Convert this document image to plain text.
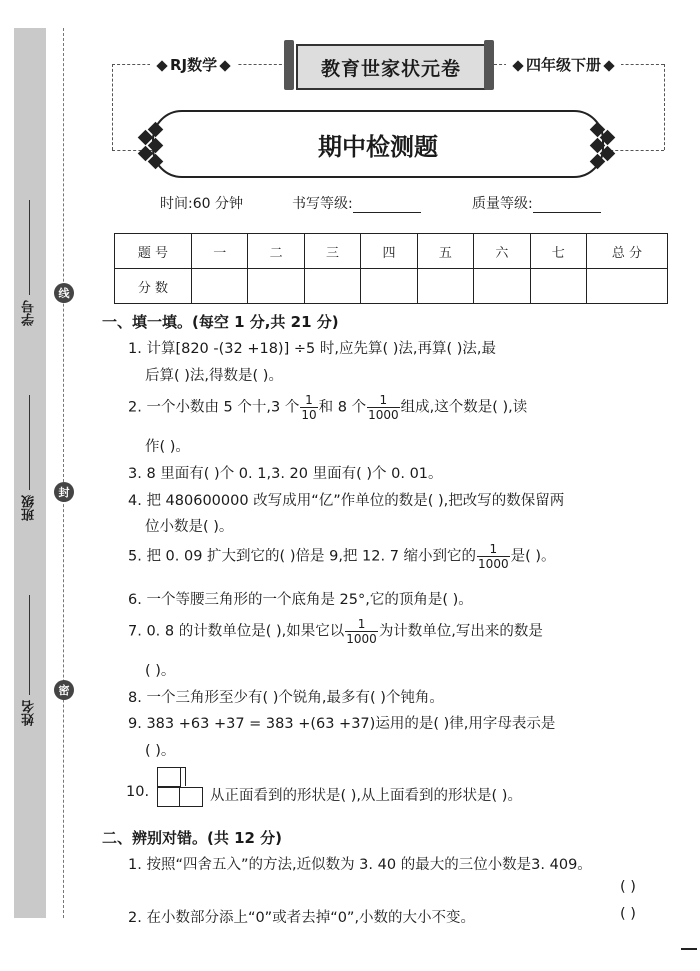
学号
班级
姓名
线
封
密
RJ数学	四年级下册
教育世家状元卷
期中检测题
时间:60 分钟	书写等级:	质量等级:
题 号	一	二	三	四	五	六	七	总 分
分 数								
一、填一填。(每空 1 分,共 21 分)
1. 计算[820 -(32 +18)] ÷5 时,应先算( )法,再算( )法,最
后算( )法,得数是( )。
2. 一个小数由 5 个十,3 个 $\frac{1}{10}$ 和 8 个 $\frac{1}{1000}$ 组成,这个数是( ),读
作( )。
3. 8 里面有( )个 0. 1,3. 20 里面有( )个 0. 01。
4. 把 480600000 改写成用“亿”作单位的数是( ),把改写的数保留两
位小数是( )。
5. 把 0. 09 扩大到它的( )倍是 9,把 12. 7 缩小到它的 $\frac{1}{1000}$ 是( )。
6. 一个等腰三角形的一个底角是 25°,它的顶角是( )。
7. 0. 8 的计数单位是( ),如果它以 $\frac{1}{1000}$ 为计数单位,写出来的数是
( )。
8. 一个三角形至少有( )个锐角,最多有( )个钝角。
9. 383 +63 +37 = 383 +(63 +37)运用的是( )律,用字母表示是
( )。
10.	从正面看到的形状是( ),从上面看到的形状是( )。
二、辨别对错。(共 12 分)
1. 按照“四舍五入”的方法,近似数为 3. 40 的最大的三位小数是3. 409。
( )
2. 在小数部分添上“0”或者去掉“0”,小数的大小不变。	( )
